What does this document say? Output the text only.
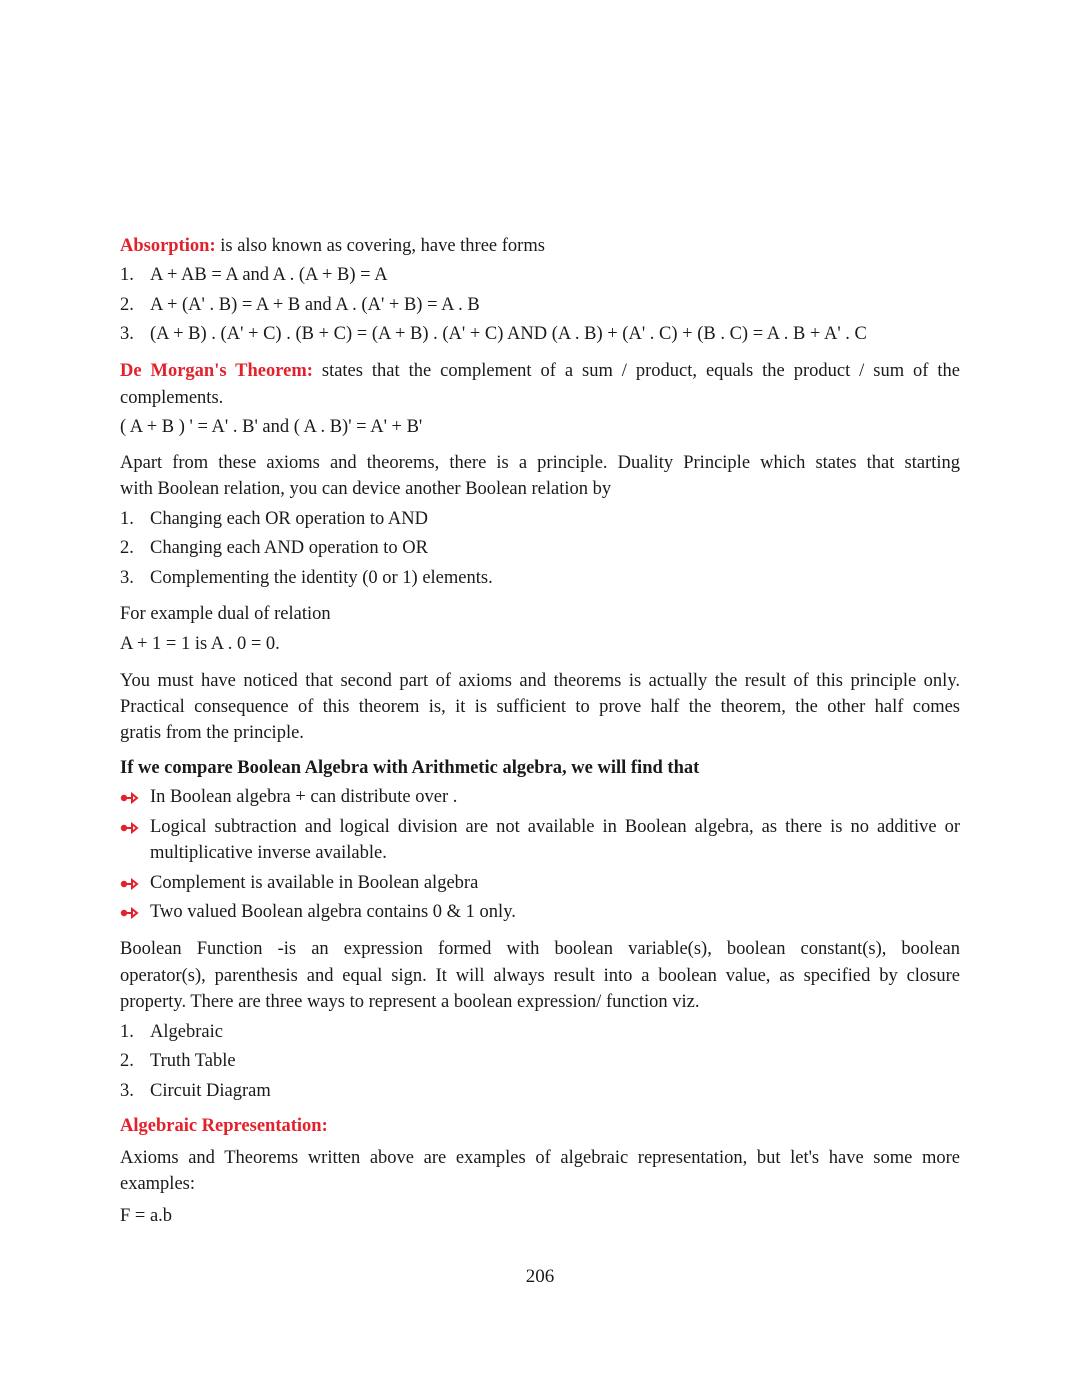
Absorption: is also known as covering, have three forms
1. A + AB = A and A . (A + B) = A
2. A + (A' . B) = A + B and A . (A' + B) = A . B
3. (A + B) . (A' + C) . (B + C) = (A + B) . (A' + C) AND (A . B) + (A' . C) + (B . C) = A . B + A' . C
De Morgan's Theorem: states that the complement of a sum / product, equals the product / sum of the
complements.
( A + B ) ' = A' . B' and ( A . B)' = A' + B'
Apart from these axioms and theorems, there is a principle. Duality Principle which states that starting
with Boolean relation, you can device another Boolean relation by
1. Changing each OR operation to AND
2. Changing each AND operation to OR
3. Complementing the identity (0 or 1) elements.
For example dual of relation
A + 1 = 1 is A . 0 = 0.
You must have noticed that second part of axioms and theorems is actually the result of this principle only.
Practical consequence of this theorem is, it is sufficient to prove half the theorem, the other half comes
gratis from the principle.
If we compare Boolean Algebra with Arithmetic algebra, we will find that
In Boolean algebra + can distribute over .
Logical subtraction and logical division are not available in Boolean algebra, as there is no additive or
multiplicative inverse available.
Complement is available in Boolean algebra
Two valued Boolean algebra contains 0 & 1 only.
Boolean Function -is an expression formed with boolean variable(s), boolean constant(s), boolean
operator(s), parenthesis and equal sign. It will always result into a boolean value, as specified by closure
property. There are three ways to represent a boolean expression/ function viz.
1. Algebraic
2. Truth Table
3. Circuit Diagram
Algebraic Representation:
Axioms and Theorems written above are examples of algebraic representation, but let's have some more
examples:
F = a.b
206
